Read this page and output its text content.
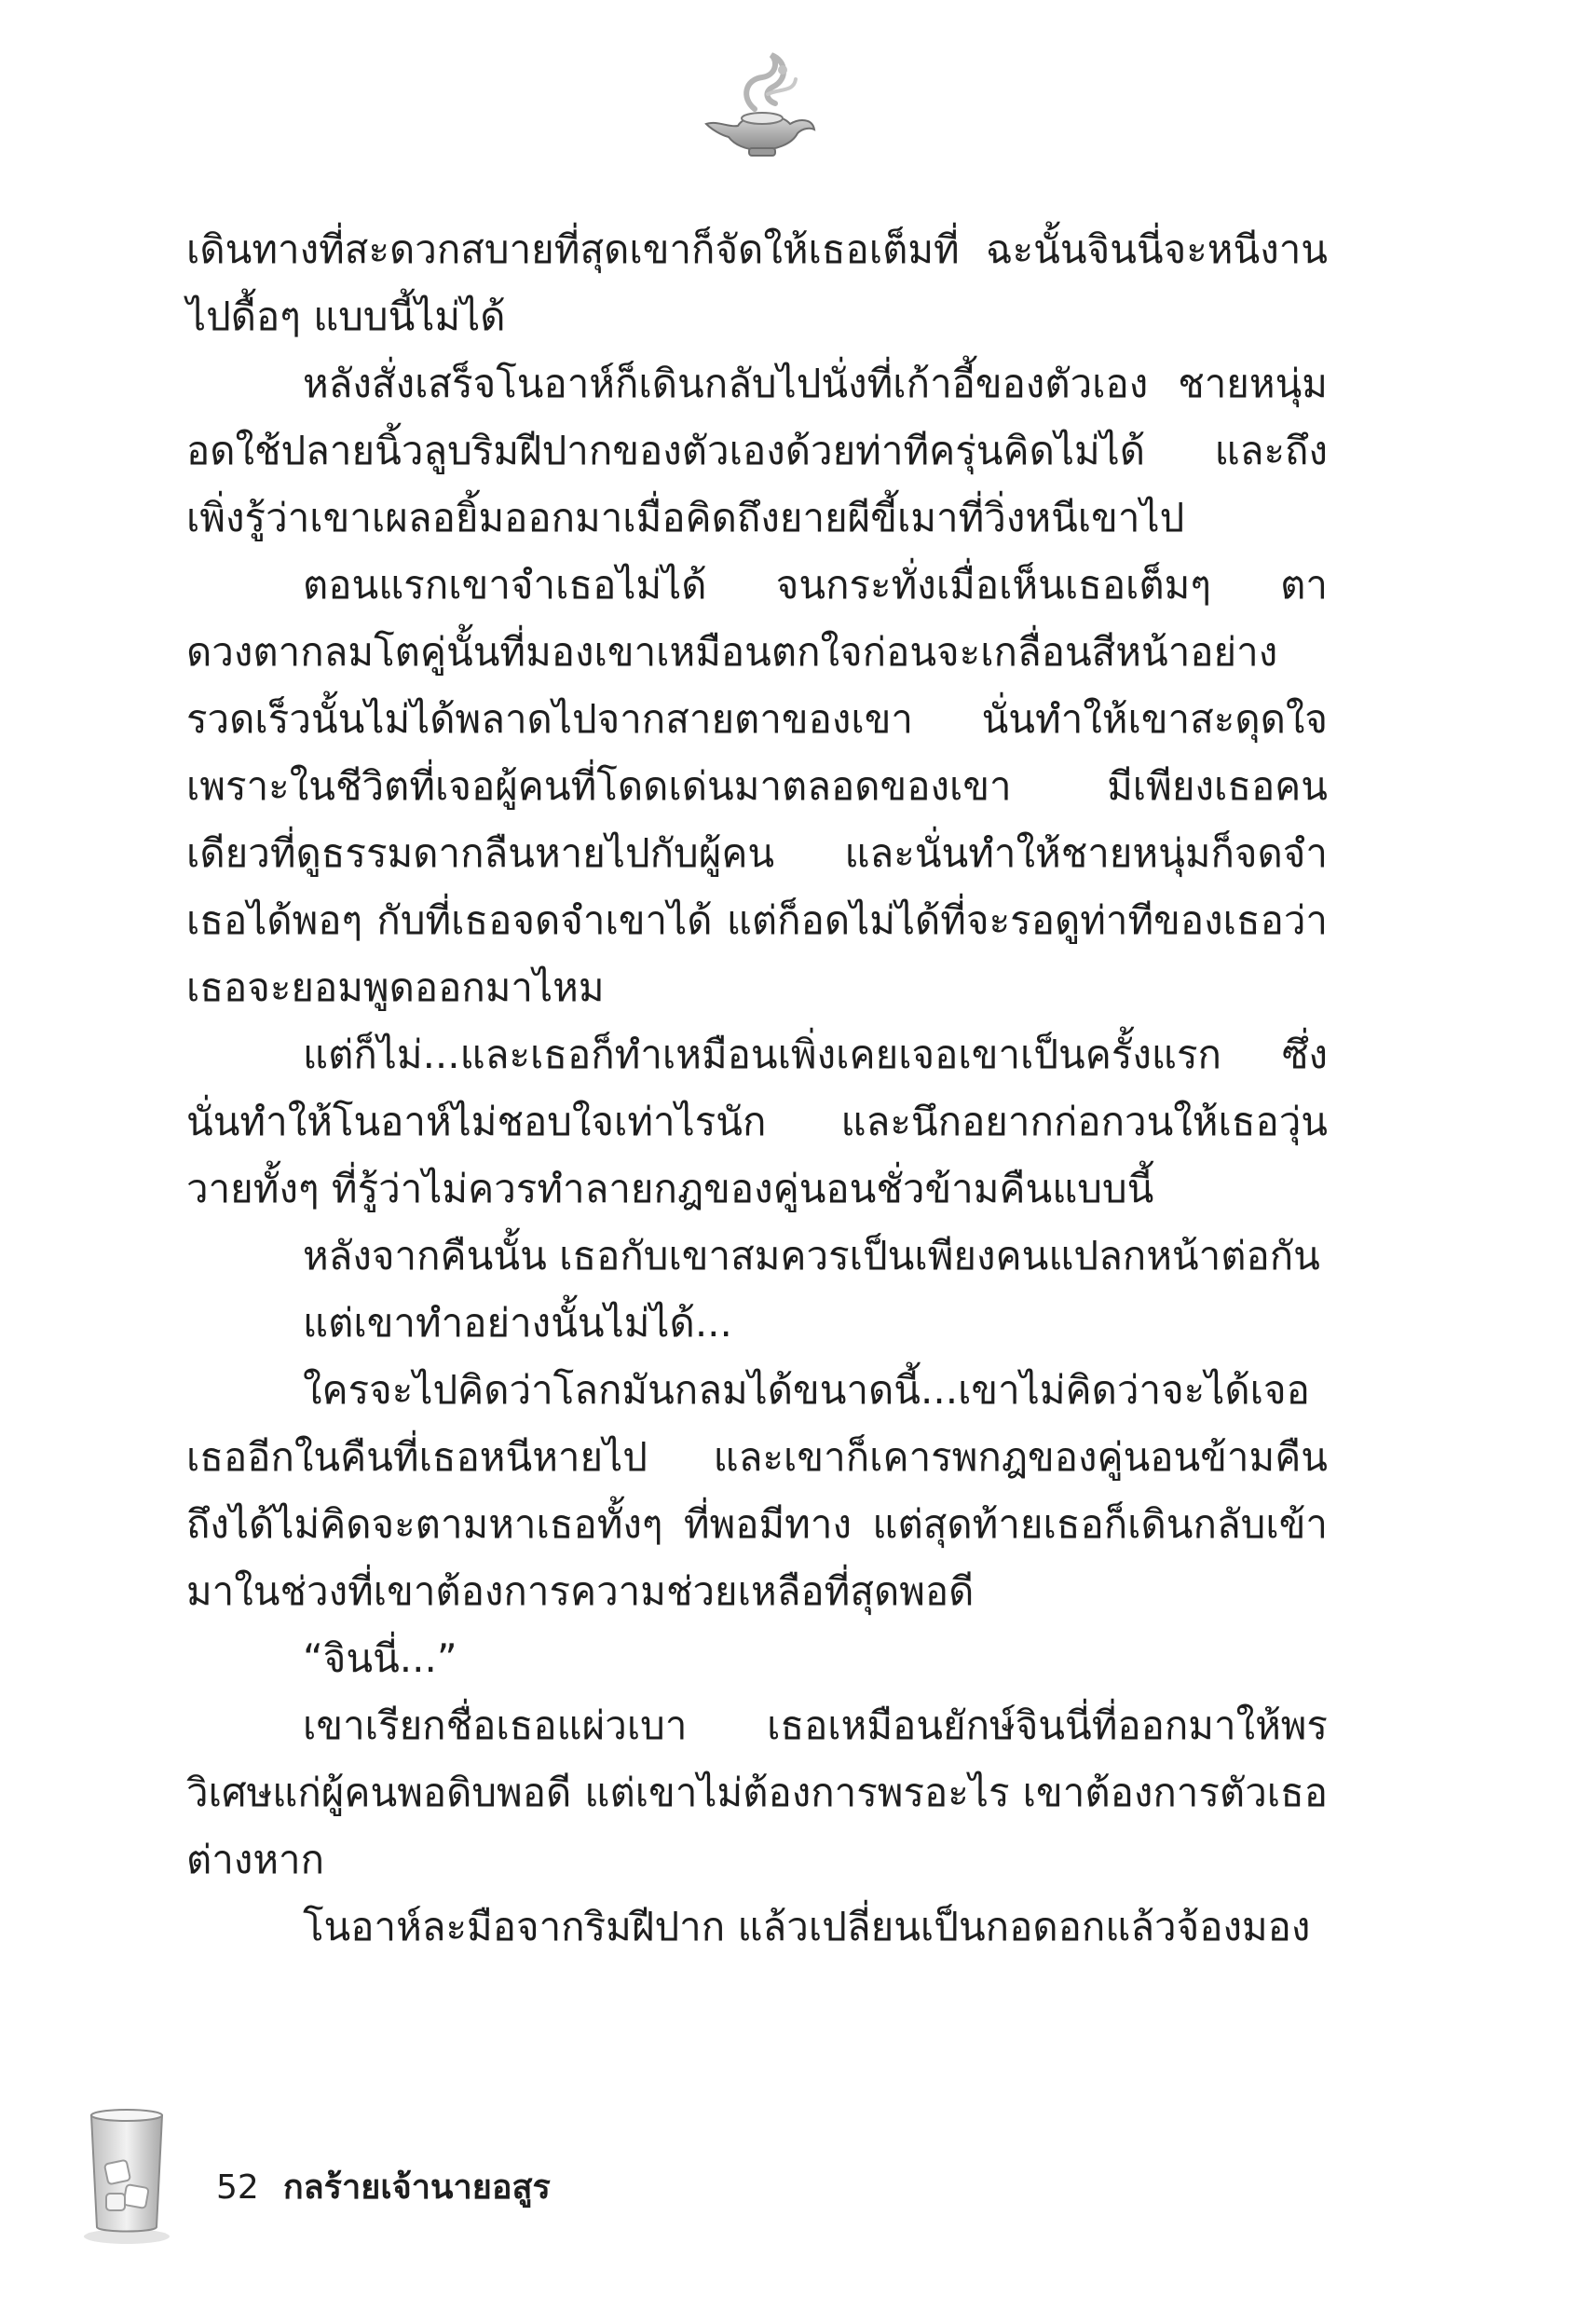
เดินทางที่สะดวกสบายที่สุดเขาก็จัดให้เธอเต็มที่ ฉะนั้นจินนี่จะหนีงานไปดื้อๆ แบบนี้ไม่ได้

หลังสั่งเสร็จโนอาห์ก็เดินกลับไปนั่งที่เก้าอี้ของตัวเอง ชายหนุ่มอดใช้ปลายนิ้วลูบริมฝีปากของตัวเองด้วยท่าทีครุ่นคิดไม่ได้ และถึงเพิ่งรู้ว่าเขาเผลอยิ้มออกมาเมื่อคิดถึงยายผีขี้เมาที่วิ่งหนีเขาไป

ตอนแรกเขาจำเธอไม่ได้ จนกระทั่งเมื่อเห็นเธอเต็มๆ ตา ดวงตากลมโตคู่นั้นที่มองเขาเหมือนตกใจก่อนจะเกลื่อนสีหน้าอย่างรวดเร็วนั้นไม่ได้พลาดไปจากสายตาของเขา นั่นทำให้เขาสะดุดใจ เพราะในชีวิตที่เจอผู้คนที่โดดเด่นมาตลอดของเขา มีเพียงเธอคนเดียวที่ดูธรรมดากลืนหายไปกับผู้คน และนั่นทำให้ชายหนุ่มก็จดจำเธอได้พอๆ กับที่เธอจดจำเขาได้ แต่ก็อดไม่ได้ที่จะรอดูท่าทีของเธอว่าเธอจะยอมพูดออกมาไหม

แต่ก็ไม่...และเธอก็ทำเหมือนเพิ่งเคยเจอเขาเป็นครั้งแรก ซึ่งนั่นทำให้โนอาห์ไม่ชอบใจเท่าไรนัก และนึกอยากก่อกวนให้เธอวุ่นวายทั้งๆ ที่รู้ว่าไม่ควรทำลายกฎของคู่นอนชั่วข้ามคืนแบบนี้

หลังจากคืนนั้น เธอกับเขาสมควรเป็นเพียงคนแปลกหน้าต่อกัน

แต่เขาทำอย่างนั้นไม่ได้...

ใครจะไปคิดว่าโลกมันกลมได้ขนาดนี้...เขาไม่คิดว่าจะได้เจอเธออีกในคืนที่เธอหนีหายไป และเขาก็เคารพกฎของคู่นอนข้ามคืน ถึงได้ไม่คิดจะตามหาเธอทั้งๆ ที่พอมีทาง แต่สุดท้ายเธอก็เดินกลับเข้ามาในช่วงที่เขาต้องการความช่วยเหลือที่สุดพอดี

“จินนี่...”

เขาเรียกชื่อเธอแผ่วเบา เธอเหมือนยักษ์จินนี่ที่ออกมาให้พรวิเศษแก่ผู้คนพอดิบพอดี แต่เขาไม่ต้องการพรอะไร เขาต้องการตัวเธอต่างหาก

โนอาห์ละมือจากริมฝีปาก แล้วเปลี่ยนเป็นกอดอกแล้วจ้องมอง

52 กลร้ายเจ้านายอสูร
